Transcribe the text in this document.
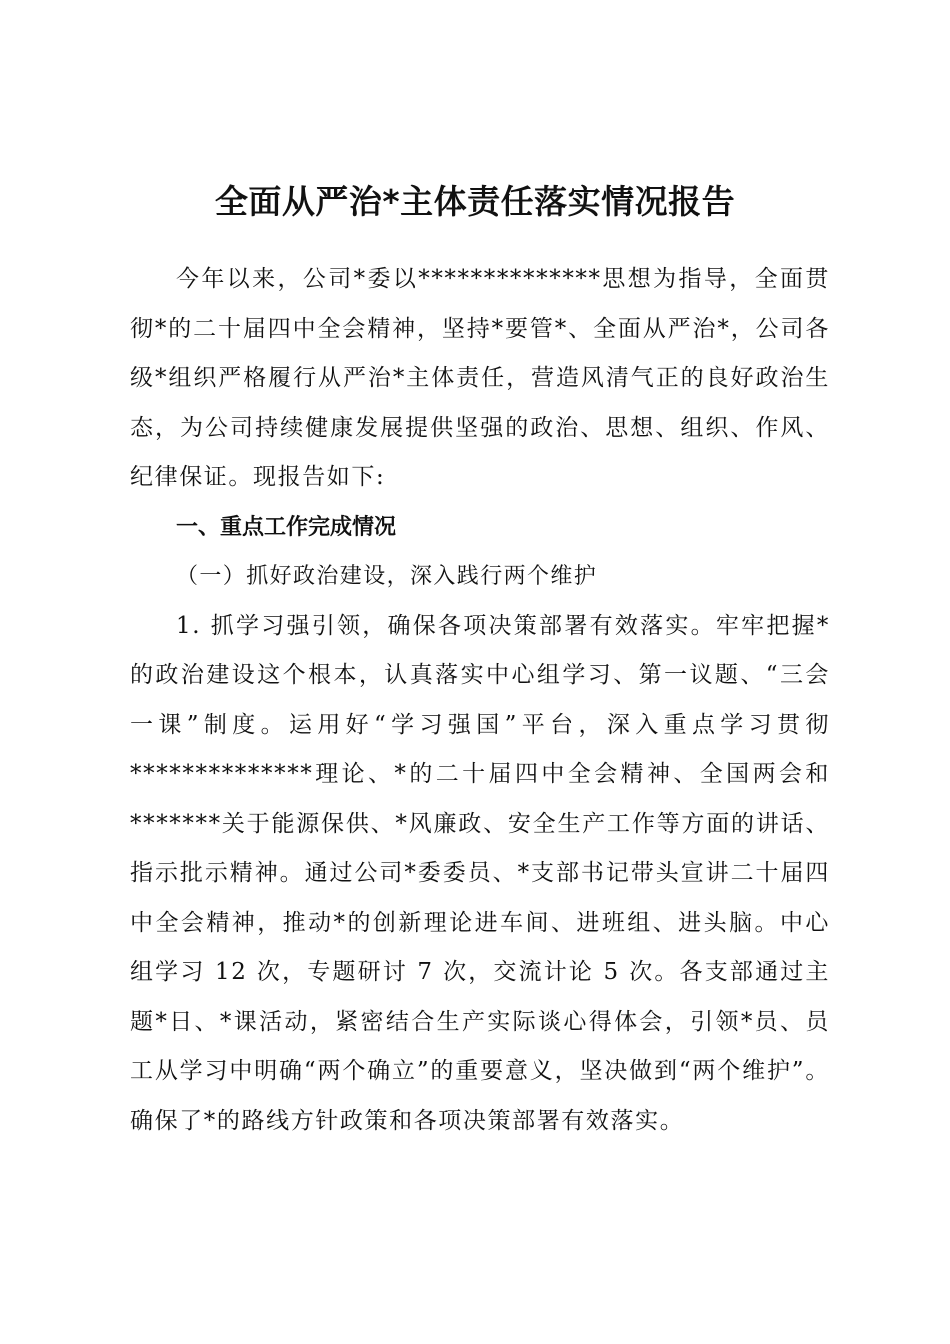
全面从严治*主体责任落实情况报告

今年以来，公司*委以**************思想为指导，全面贯彻*的二十届四中全会精神，坚持*要管*、全面从严治*，公司各级*组织严格履行从严治*主体责任，营造风清气正的良好政治生态，为公司持续健康发展提供坚强的政治、思想、组织、作风、纪律保证。现报告如下:

一、重点工作完成情况

（一）抓好政治建设，深入践行两个维护

1. 抓学习强引领，确保各项决策部署有效落实。牢牢把握*的政治建设这个根本，认真落实中心组学习、第一议题、“三会一课”制度。运用好“学习强国”平台，深入重点学习贯彻**************理论、*的二十届四中全会精神、全国两会和*******关于能源保供、*风廉政、安全生产工作等方面的讲话、指示批示精神。通过公司*委委员、*支部书记带头宣讲二十届四中全会精神，推动*的创新理论进车间、进班组、进头脑。中心组学习 12 次，专题研讨 7 次，交流计论 5 次。各支部通过主题*日、*课活动，紧密结合生产实际谈心得体会，引领*员、员工从学习中明确“两个确立”的重要意义，坚决做到“两个维护”。确保了*的路线方针政策和各项决策部署有效落实。
